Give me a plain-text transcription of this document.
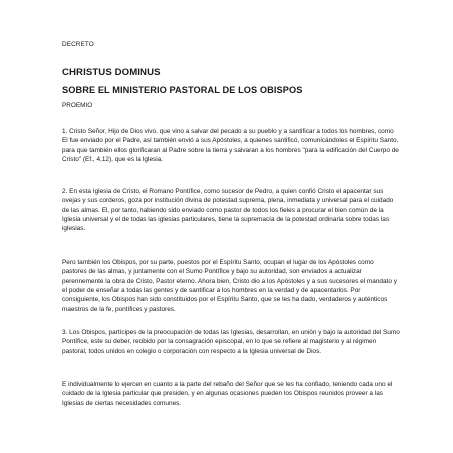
DECRETO
CHRISTUS DOMINUS
SOBRE EL MINISTERIO PASTORAL DE LOS OBISPOS
PROEMIO

1. Cristo Señor, Hijo de Dios vivo, que vino a salvar del pecado a su pueblo y a santificar a todos los hombres, como El fue enviado por el Padre, así también envió a sus Apóstoles, a quienes santificó, comunicándoles el Espíritu Santo, para que también ellos glorificaran al Padre sobre la tierra y salvaran a los hombres "para la edificación del Cuerpo de Cristo" (Ef., 4,12), que es la Iglesia.

2. En esta Iglesia de Cristo, el Romano Pontífice, como sucesor de Pedro, a quien confió Cristo el apacentar sus ovejas y sus corderos, goza por institución divina de potestad suprema, plena, inmediata y universal para el cuidado de las almas. El, por tanto, habiendo sido enviado como pastor de todos los fieles a procurar el bien común de la Iglesia universal y el de todas las iglesias particulares, tiene la supremacía de la potestad ordinaria sobre todas las iglesias.

Pero también los Obispos, por su parte, puestos por el Espíritu Santo, ocupan el lugar de los Apóstoles como pastores de las almas, y juntamente con el Sumo Pontífice y bajo su autoridad, son enviados a actualizar perennemente la obra de Cristo, Pastor eterno. Ahora bien, Cristo dio a los Apóstoles y a sus sucesores el mandato y el poder de enseñar a todas las gentes y de santificar a los hombres en la verdad y de apacentarlos. Por consiguiente, los Obispos han sido constituidos por el Espíritu Santo, que se les ha dado, verdaderos y auténticos maestros de la fe, pontífices y pastores.

3. Los Obispos, partícipes de la preocupación de todas las Iglesias, desarrollan, en unión y bajo la autoridad del Sumo Pontífice, este su deber, recibido por la consagración episcopal, en lo que se refiere al magisterio y al régimen pastoral, todos unidos en colegio o corporación con respecto a la Iglesia universal de Dios.

E individualmente lo ejercen en cuanto a la parte del rebaño del Señor que se les ha confiado, teniendo cada uno el cuidado de la Iglesia particular que presiden, y en algunas ocasiones pueden los Obispos reunidos proveer a las Iglesias de ciertas necesidades comunes.
